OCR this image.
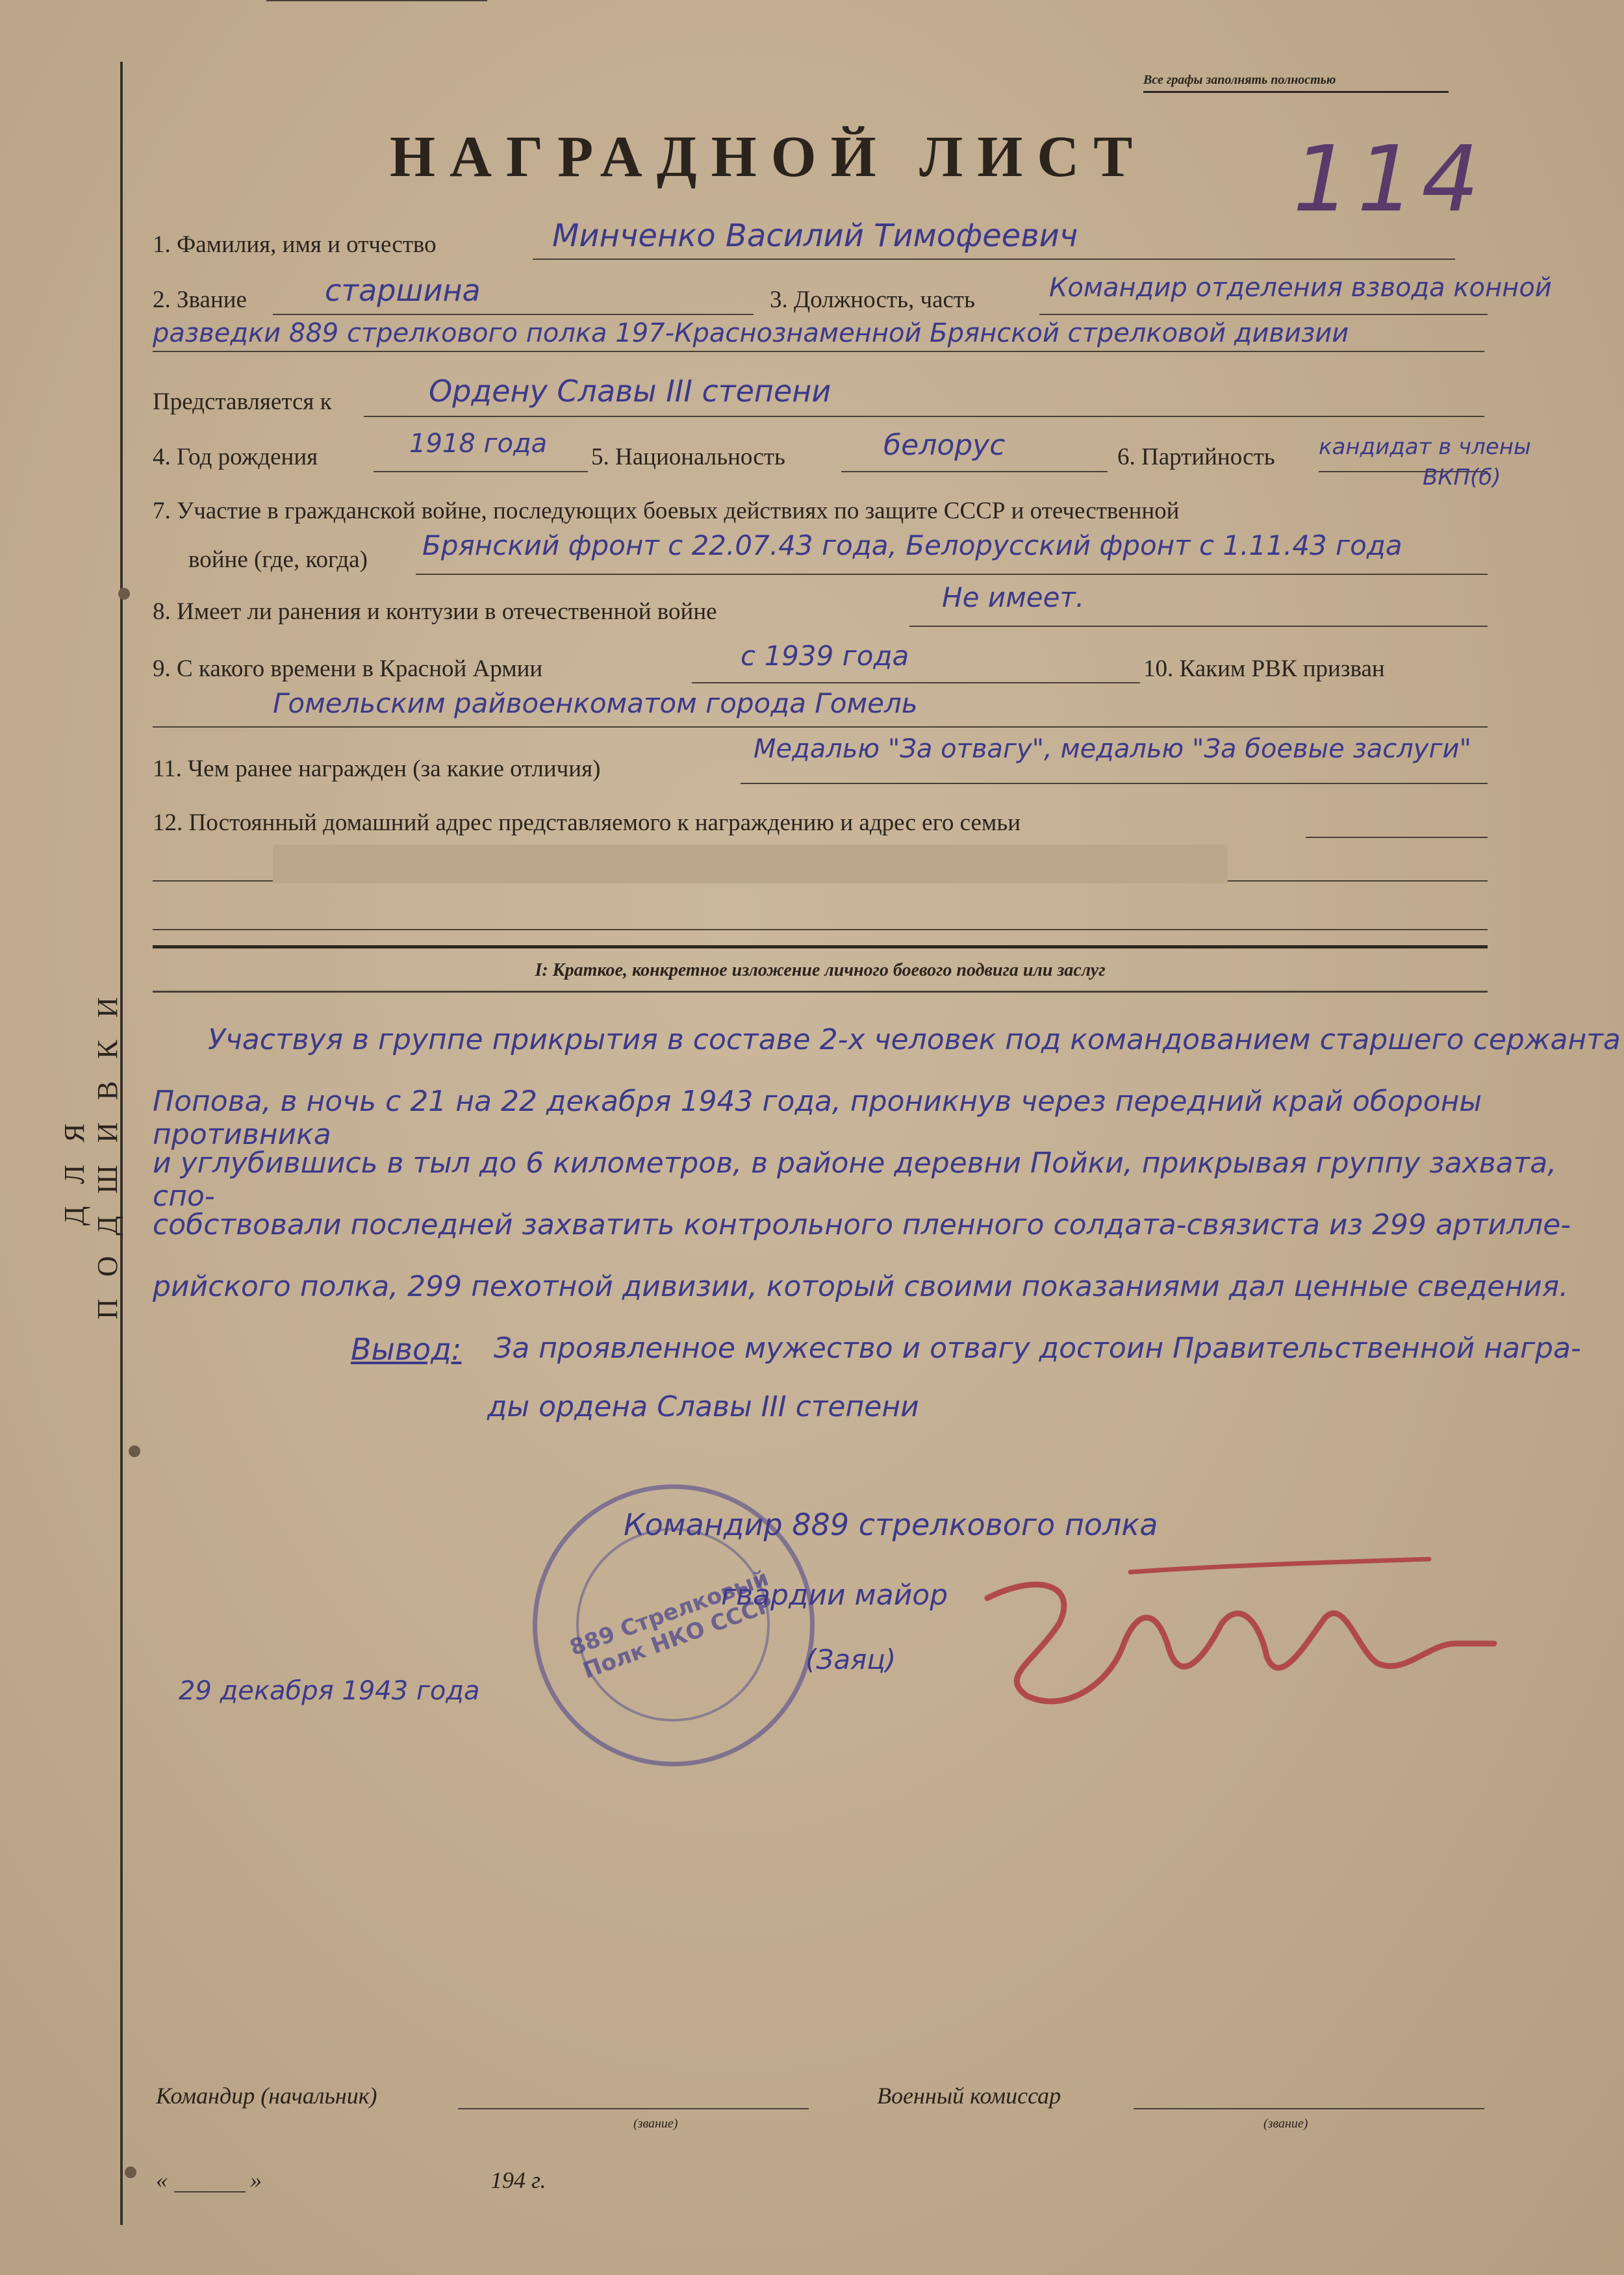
ДЛЯ ПОДШИВКИ
Все графы заполнять полностью
НАГРАДНОЙ ЛИСТ 114
1. Фамилия, имя и отчество	Минченко Василий Тимофеевич
2. Звание	старшина	3. Должность, часть	Командир отделения взвода конной
разведки 889 стрелкового полка 197-Краснознаменной Брянской стрелковой дивизии
Представляется к	Ордену Славы III степени
4. Год рождения	1918 года 5. Национальность	белорус	6. Партийность кандидат в члены
ВКП(б)
7. Участие в гражданской войне, последующих боевых действиях по защите СССР и отечественной
войне (где, когда) Брянский фронт с 22.07.43 года, Белорусский фронт с 1.11.43 года
8. Имеет ли ранения и контузии в отечественной войне	Не имеет.
9. С какого времени в Красной Армии	с 1939 года	10. Каким РВК призван
Гомельским райвоенкоматом города Гомель
11. Чем ранее награжден (за какие отличия)
Медалью "За отвагу", медалью "За боевые заслуги"
12. Постоянный домашний адрес представляемого к награждению и адрес его семьи
I: Краткое, конкретное изложение личного боевого подвига или заслуг
Участвуя в группе прикрытия в составе 2-х человек под командованием старшего сержанта
Попова, в ночь с 21 на 22 декабря 1943 года, проникнув через передний край обороны противника
и углубившись в тыл до 6 километров, в районе деревни Пойки, прикрывая группу захвата, спо-
собствовали последней захватить контрольного пленного солдата-связиста из 299 артилле-
рийского полка, 299 пехотной дивизии, который своими показаниями дал ценные сведения.
Вывод: За проявленное мужество и отвагу достоин Правительственной награ-
ды ордена Славы III степени
889 Стрелковый Полк НКО СССР
Командир 889 стрелкового полка
гвардии майор
(Заяц)
29 декабря 1943 года
Командир (начальник)
(звание)
Военный комиссар
(звание)
«	»	194 г.
